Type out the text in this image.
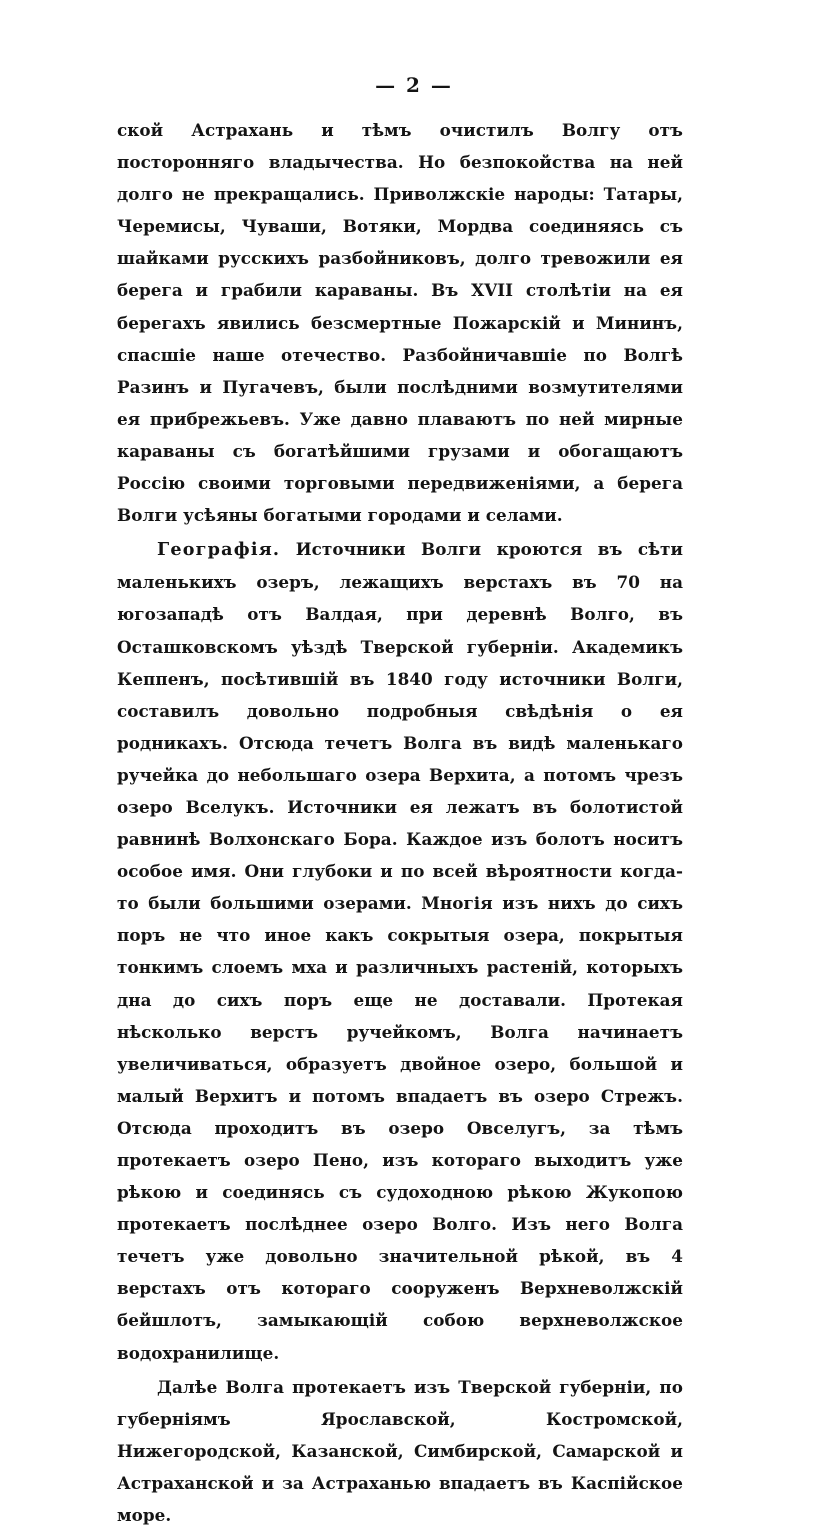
— 2 —

ской Астрахань и тѣмъ очистилъ Волгу отъ посторонняго владычества. Но безпокойства на ней долго не прекращались. Приволжскіе народы: Татары, Черемисы, Чуваши, Вотяки, Мордва соединяясь съ шайками русскихъ разбойниковъ, долго тревожили ея берега и грабили караваны. Въ XVII столѣтіи на ея берегахъ явились безсмертные Пожарскій и Мининъ, спасшіе наше отечество. Разбойничавшіе по Волгѣ Разинъ и Пугачевъ, были послѣдними возмутителями ея прибрежьевъ. Уже давно плаваютъ по ней мирные караваны съ богатѣйшими грузами и обогащаютъ Россію своими торговыми передвиженіями, а берега Волги усѣяны богатыми городами и селами.

Географія. Источники Волги кроются въ сѣти маленькихъ озеръ, лежащихъ верстахъ въ 70 на югозападѣ отъ Валдая, при деревнѣ Волго, въ Осташковскомъ уѣздѣ Тверской губерніи. Академикъ Кеппенъ, посѣтившій въ 1840 году источники Волги, составилъ довольно подробныя свѣдѣнія о ея родникахъ. Отсюда течетъ Волга въ видѣ маленькаго ручейка до небольшаго озера Верхита, а потомъ чрезъ озеро Вселукъ. Источники ея лежатъ въ болотистой равнинѣ Волхонскаго Бора. Каждое изъ болотъ носитъ особое имя. Они глубоки и по всей вѣроятности когда-то были большими озерами. Многія изъ нихъ до сихъ поръ не что иное какъ сокрытыя озера, покрытыя тонкимъ слоемъ мха и различныхъ растеній, которыхъ дна до сихъ поръ еще не доставали. Протекая нѣсколько верстъ ручейкомъ, Волга начинаетъ увеличиваться, образуетъ двойное озеро, большой и малый Верхитъ и потомъ впадаетъ въ озеро Стрежъ. Отсюда проходитъ въ озеро Овселугъ, за тѣмъ протекаетъ озеро Пено, изъ котораго выходитъ уже рѣкою и соединясь съ судоходною рѣкою Жукопою протекаетъ послѣднее озеро Волго. Изъ него Волга течетъ уже довольно значительной рѣкой, въ 4 верстахъ отъ котораго сооруженъ Верхневолжскій бейшлотъ, замыкающій собою верхневолжское водохранилище.

Далѣе Волга протекаетъ изъ Тверской губерніи, по губерніямъ Ярославской, Костромской, Нижегородской, Казанской, Симбирской, Самарской и Астраханской и за Астраханью впадаетъ въ Каспійское море.
